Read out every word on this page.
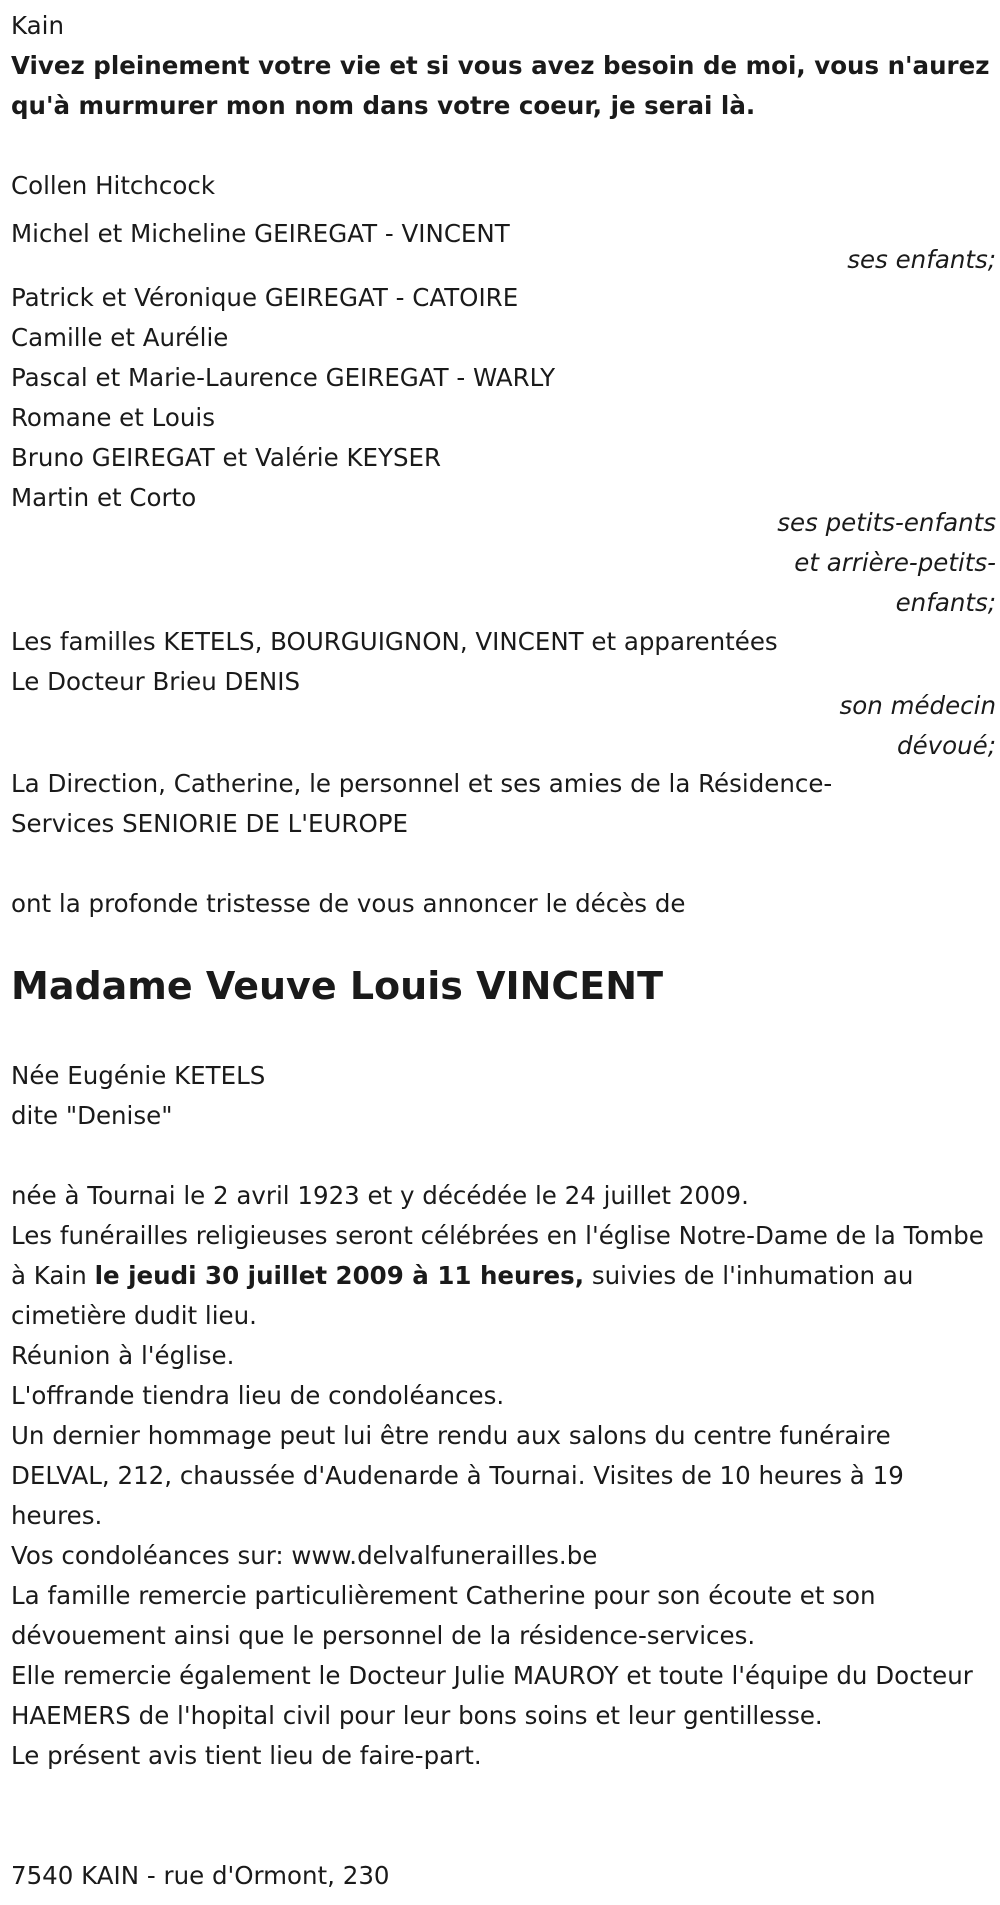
Kain

Vivez pleinement votre vie et si vous avez besoin de moi, vous n'aurez qu'à murmurer mon nom dans votre coeur, je serai là.

Collen Hitchcock
Michel et Micheline GEIREGAT - VINCENT
ses enfants;
Patrick et Véronique GEIREGAT - CATOIRE
Camille et Aurélie
Pascal et Marie-Laurence GEIREGAT - WARLY
Romane et Louis
Bruno GEIREGAT et Valérie KEYSER
Martin et Corto
ses petits-enfants
et arrière-petits-
enfants;
Les familles KETELS, BOURGUIGNON, VINCENT et apparentées
Le Docteur Brieu DENIS
son médecin
dévoué;
La Direction, Catherine, le personnel et ses amies de la Résidence-
Services SENIORIE DE L'EUROPE
ont la profonde tristesse de vous annoncer le décès de
Madame Veuve Louis VINCENT
Née Eugénie KETELS
dite "Denise"

née à Tournai le 2 avril 1923 et y décédée le 24 juillet 2009.

Les funérailles religieuses seront célébrées en l'église Notre-Dame de la Tombe à Kain le jeudi 30 juillet 2009 à 11 heures, suivies de l'inhumation au cimetière dudit lieu.

Réunion à l'église.

L'offrande tiendra lieu de condoléances.

Un dernier hommage peut lui être rendu aux salons du centre funéraire DELVAL, 212, chaussée d'Audenarde à Tournai. Visites de 10 heures à 19 heures.

Vos condoléances sur: www.delvalfunerailles.be

La famille remercie particulièrement Catherine pour son écoute et son dévouement ainsi que le personnel de la résidence-services.

Elle remercie également le Docteur Julie MAUROY et toute l'équipe du Docteur HAEMERS de l'hopital civil pour leur bons soins et leur gentillesse.

Le présent avis tient lieu de faire-part.

7540 KAIN - rue d'Ormont, 230
